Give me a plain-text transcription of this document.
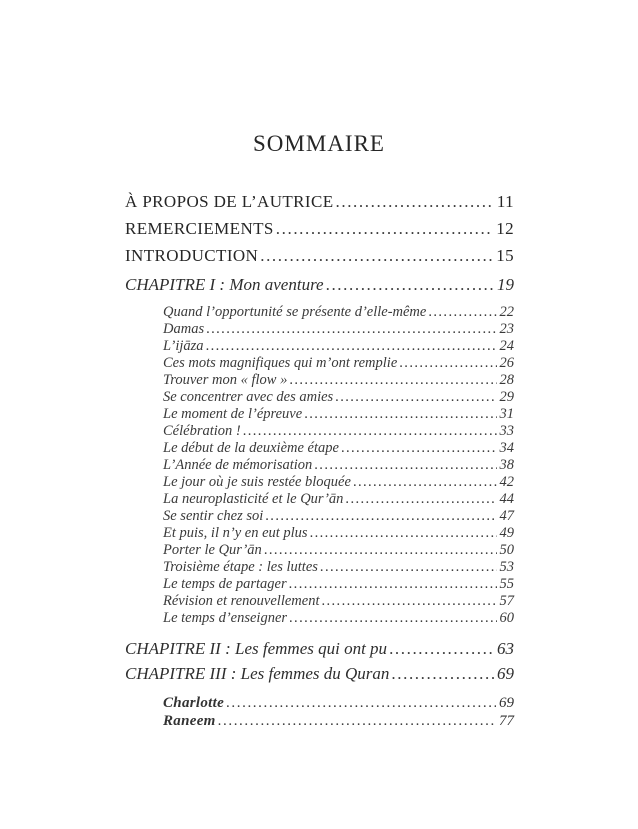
SOMMAIRE
À PROPOS DE L’AUTRICE .....	11
REMERCIEMENTS .....	12
INTRODUCTION .....	15
CHAPITRE I : Mon aventure .....	19
Quand l’opportunité se présente d’elle-même .....	22
Damas .....	23
L’ijāza .....	24
Ces mots magnifiques qui m’ont remplie .....	26
Trouver mon « flow » .....	28
Se concentrer avec des amies .....	29
Le moment de l’épreuve .....	31
Célébration ! .....	33
Le début de la deuxième étape .....	34
L’Année de mémorisation .....	38
Le jour où je suis restée bloquée .....	42
La neuroplasticité et le Qur’ān .....	44
Se sentir chez soi .....	47
Et puis, il n’y en eut plus .....	49
Porter le Qur’ān .....	50
Troisième étape : les luttes .....	53
Le temps de partager .....	55
Révision et renouvellement .....	57
Le temps d’enseigner .....	60
CHAPITRE II : Les femmes qui ont pu .....	63
CHAPITRE III : Les femmes du Quran .....	69
Charlotte .....	69
Raneem .....	77
